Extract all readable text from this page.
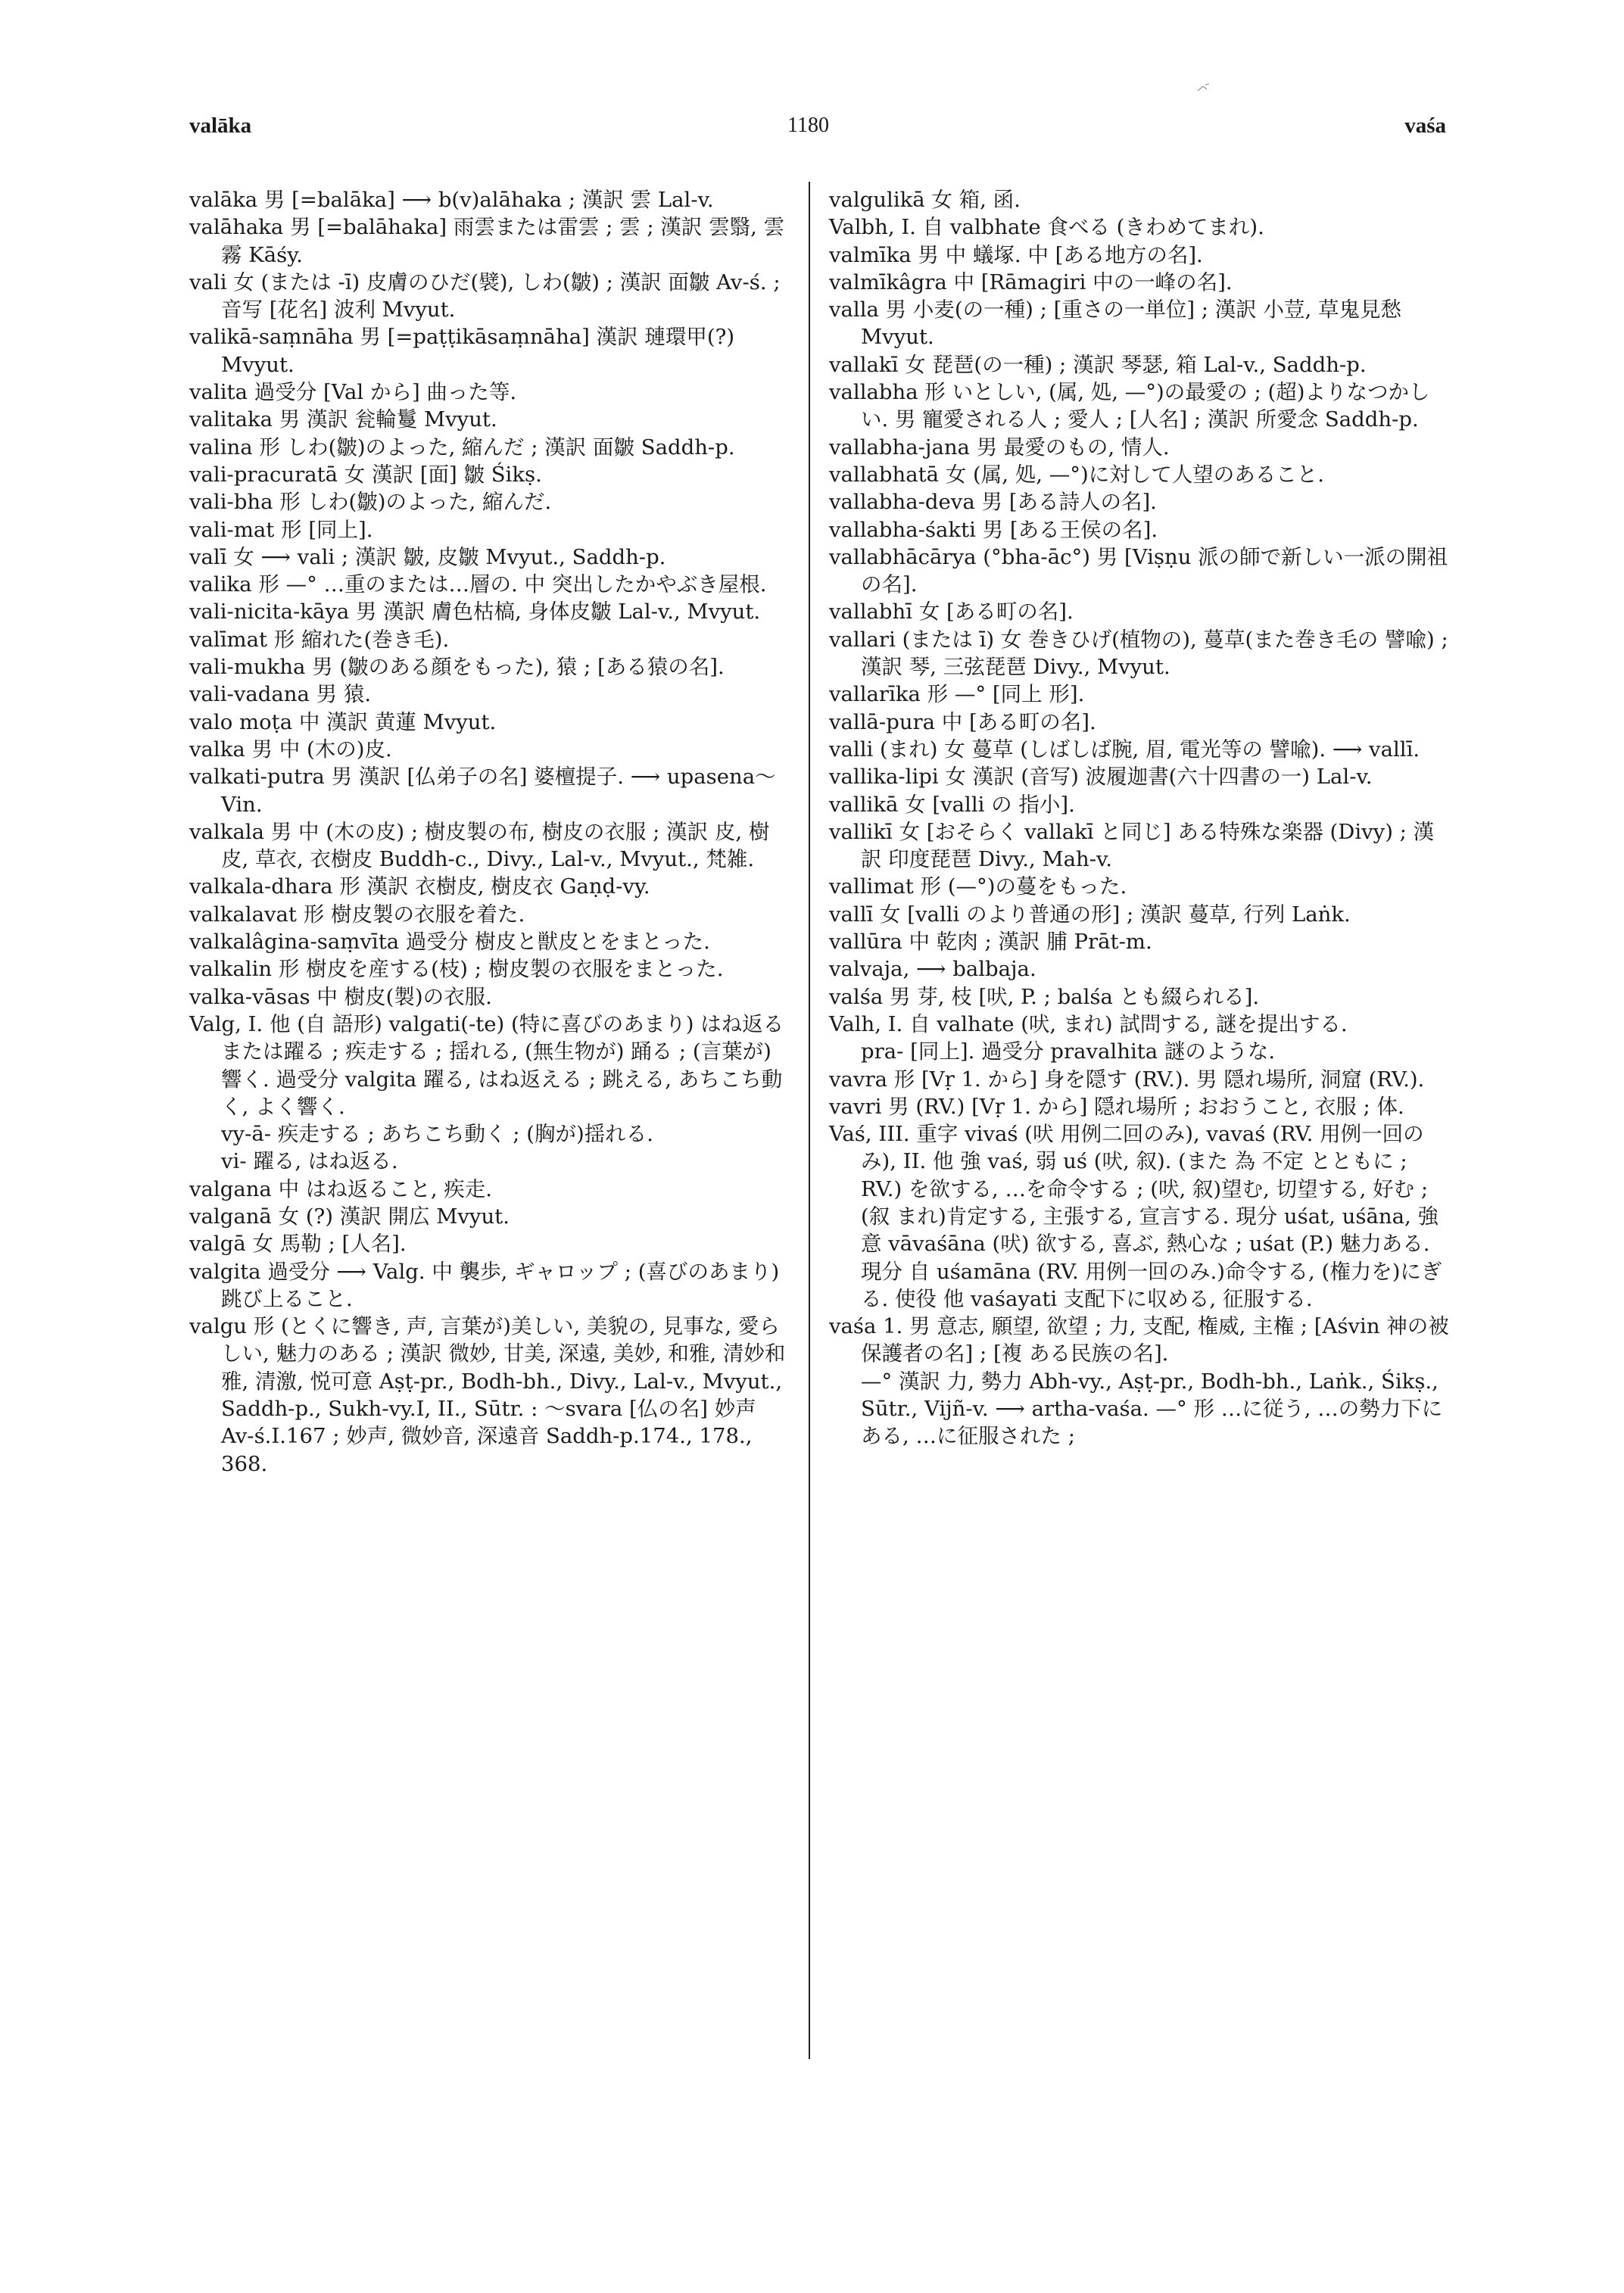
valāka	1180	vaśa

valāka 男 [=balāka] ⟶ b(v)alāhaka ; 漢訳 雲 Lal-v.

valāhaka 男 [=balāhaka] 雨雲または雷雲 ; 雲 ; 漢訳 雲翳, 雲霧 Kāśy.

vali 女 (または -ī) 皮膚のひだ(襞), しわ(皺) ; 漢訳 面皺 Av-ś. ; 音写 [花名] 波利 Mvyut.

valikā-saṃnāha 男 [=paṭṭikāsaṃnāha] 漢訳 璉環甲(?) Mvyut.

valita 過受分 [Val から] 曲った等.

valitaka 男 漢訳 瓮輪鬘 Mvyut.

valina 形 しわ(皺)のよった, 縮んだ ; 漢訳 面皺 Saddh-p.

vali-pracuratā 女 漢訳 [面] 皺 Śikṣ.

vali-bha 形 しわ(皺)のよった, 縮んだ.

vali-mat 形 [同上].

valī 女 ⟶ vali ; 漢訳 皺, 皮皺 Mvyut., Saddh-p.

valika 形 —° …重のまたは…層の. 中 突出したかやぶき屋根.

vali-nicita-kāya 男 漢訳 膚色枯槁, 身体皮皺 Lal-v., Mvyut.

valīmat 形 縮れた(巻き毛).

vali-mukha 男 (皺のある顔をもった), 猿 ; [ある猿の名].

vali-vadana 男 猿.

valo moṭa 中 漢訳 黄蓮 Mvyut.

valka 男 中 (木の)皮.

valkati-putra 男 漢訳 [仏弟子の名] 婆檀提子. ⟶ upasena～ Vin.

valkala 男 中 (木の皮) ; 樹皮製の布, 樹皮の衣服 ; 漢訳 皮, 樹皮, 草衣, 衣樹皮 Buddh-c., Divy., Lal-v., Mvyut., 梵雑.

valkala-dhara 形 漢訳 衣樹皮, 樹皮衣 Gaṇḍ-vy.

valkalavat 形 樹皮製の衣服を着た.

valkalâgina-saṃvīta 過受分 樹皮と獣皮とをまとった.

valkalin 形 樹皮を産する(枝) ; 樹皮製の衣服をまとった.

valka-vāsas 中 樹皮(製)の衣服.

Valg, I. 他 (自 語形) valgati(-te) (特に喜びのあまり) はね返るまたは躍る ; 疾走する ; 揺れる, (無生物が) 踊る ; (言葉が)響く. 過受分 valgita 躍る, はね返える ; 跳える, あちこち動く, よく響く.

vy-ā- 疾走する ; あちこち動く ; (胸が)揺れる.

vi- 躍る, はね返る.

valgana 中 はね返ること, 疾走.

valganā 女 (?) 漢訳 開広 Mvyut.

valgā 女 馬勒 ; [人名].

valgita 過受分 ⟶ Valg. 中 襲歩, ギャロップ ; (喜びのあまり)跳び上ること.

valgu 形 (とくに響き, 声, 言葉が)美しい, 美貌の, 見事な, 愛らしい, 魅力のある ; 漢訳 微妙, 甘美, 深遠, 美妙, 和雅, 清妙和雅, 清激, 悦可意 Aṣṭ-pr., Bodh-bh., Divy., Lal-v., Mvyut., Saddh-p., Sukh-vy.I, II., Sūtr. : ～svara [仏の名] 妙声 Av-ś.I.167 ; 妙声, 微妙音, 深遠音 Saddh-p.174., 178., 368.

valgulikā 女 箱, 函.

Valbh, I. 自 valbhate 食べる (きわめてまれ).

valmīka 男 中 蟻塚. 中 [ある地方の名].

valmīkâgra 中 [Rāmagiri 中の一峰の名].

valla 男 小麦(の一種) ; [重さの一単位] ; 漢訳 小荳, 草鬼見愁 Mvyut.

vallakī 女 琵琶(の一種) ; 漢訳 琴瑟, 箱 Lal-v., Saddh-p.

vallabha 形 いとしい, (属, 処, —°)の最愛の ; (超)よりなつかしい. 男 寵愛される人 ; 愛人 ; [人名] ; 漢訳 所愛念 Saddh-p.

vallabha-jana 男 最愛のもの, 情人.

vallabhatā 女 (属, 処, —°)に対して人望のあること.

vallabha-deva 男 [ある詩人の名].

vallabha-śakti 男 [ある王侯の名].

vallabhācārya (°bha-āc°) 男 [Viṣṇu 派の師で新しい一派の開祖の名].

vallabhī 女 [ある町の名].

vallari (または ī) 女 巻きひげ(植物の), 蔓草(また巻き毛の 譬喩) ; 漢訳 琴, 三弦琵琶 Divy., Mvyut.

vallarīka 形 —° [同上 形].

vallā-pura 中 [ある町の名].

valli (まれ) 女 蔓草 (しばしば腕, 眉, 電光等の 譬喩). ⟶ vallī.

vallika-lipi 女 漢訳 (音写) 波履迦書(六十四書の一) Lal-v.

vallikā 女 [valli の 指小].

vallikī 女 [おそらく vallakī と同じ] ある特殊な楽器 (Divy) ; 漢訳 印度琵琶 Divy., Mah-v.

vallimat 形 (—°)の蔓をもった.

vallī 女 [valli のより普通の形] ; 漢訳 蔓草, 行列 Laṅk.

vallūra 中 乾肉 ; 漢訳 脯 Prāt-m.

valvaja, ⟶ balbaja.

valśa 男 芽, 枝 [吠, P. ; balśa とも綴られる].

Valh, I. 自 valhate (吠, まれ) 試問する, 謎を提出する.

pra- [同上]. 過受分 pravalhita 謎のような.

vavra 形 [Vṛ 1. から] 身を隠す (RV.). 男 隠れ場所, 洞窟 (RV.).

vavri 男 (RV.) [Vṛ 1. から] 隠れ場所 ; おおうこと, 衣服 ; 体.

Vaś, III. 重字 vivaś (吠 用例二回のみ), vavaś (RV. 用例一回のみ), II. 他 強 vaś, 弱 uś (吠, 叙). (また 為 不定 とともに ; RV.) を欲する, …を命令する ; (吠, 叙)望む, 切望する, 好む ; (叙 まれ)肯定する, 主張する, 宣言する. 現分 uśat, uśāna, 強意 vāvaśāna (吠) 欲する, 喜ぶ, 熱心な ; uśat (P.) 魅力ある. 現分 自 uśamāna (RV. 用例一回のみ.)命令する, (権力を)にぎる. 使役 他 vaśayati 支配下に収める, 征服する.

vaśa 1. 男 意志, 願望, 欲望 ; 力, 支配, 権威, 主権 ; [Aśvin 神の被保護者の名] ; [複 ある民族の名].

—° 漢訳 力, 勢力 Abh-vy., Aṣṭ-pr., Bodh-bh., Laṅk., Śikṣ., Sūtr., Vijñ-v. ⟶ artha-vaśa. —° 形 …に従う, …の勢力下にある, …に征服された ;
